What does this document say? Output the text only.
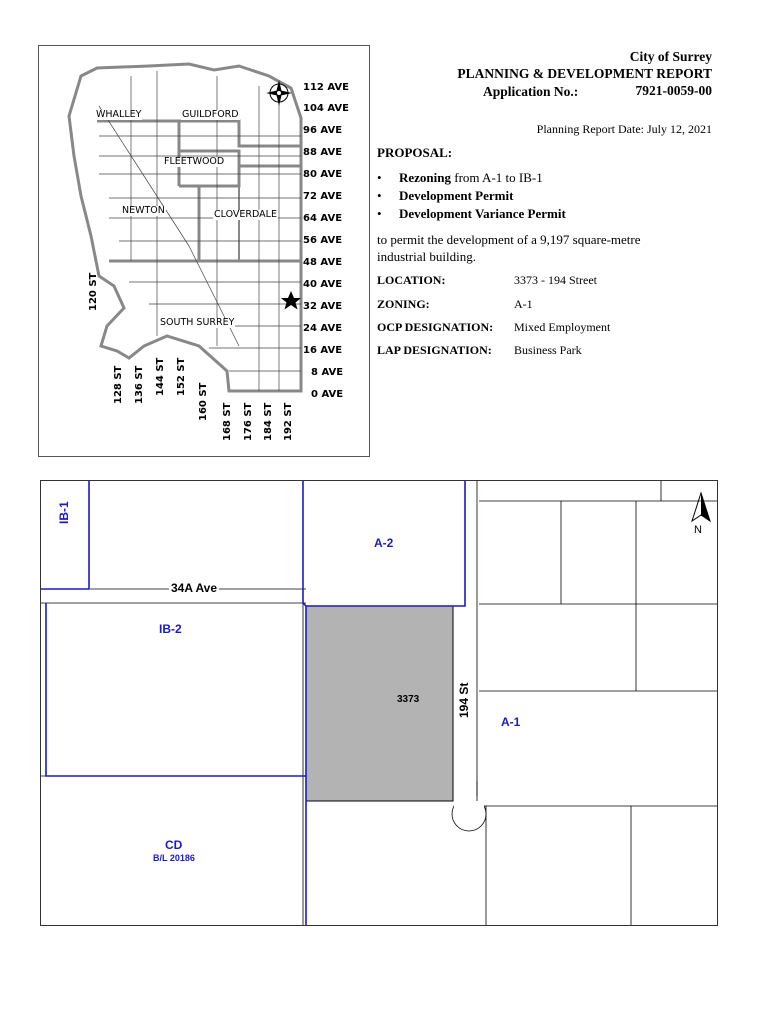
112 AVE
104 AVE
96 AVE
88 AVE
80 AVE
72 AVE
64 AVE
56 AVE
48 AVE
40 AVE
32 AVE
24 AVE
16 AVE
8 AVE
0 AVE
120 ST
128 ST 136 ST 144 ST 152 ST
160 ST
168 ST 176 ST 184 ST 192 ST
WHALLEY	GUILDFORD
FLEETWOOD
NEWTON	CLOVERDALE
SOUTH SURREY
City of Surrey
PLANNING & DEVELOPMENT REPORT
Application No.:	7921-0059-00
Planning Report Date: July 12, 2021
PROPOSAL:
• Rezoning from A-1 to IB-1
• Development Permit
• Development Variance Permit
to permit the development of a 9,197 square-metre
industrial building.
LOCATION:	3373 - 194 Street
ZONING:	A-1
OCP DESIGNATION: Mixed Employment
LAP DESIGNATION: Business Park
IB-1
A-2
IB-2
A-1
CD
B/L 20186
34A Ave
194 St
3373
N
